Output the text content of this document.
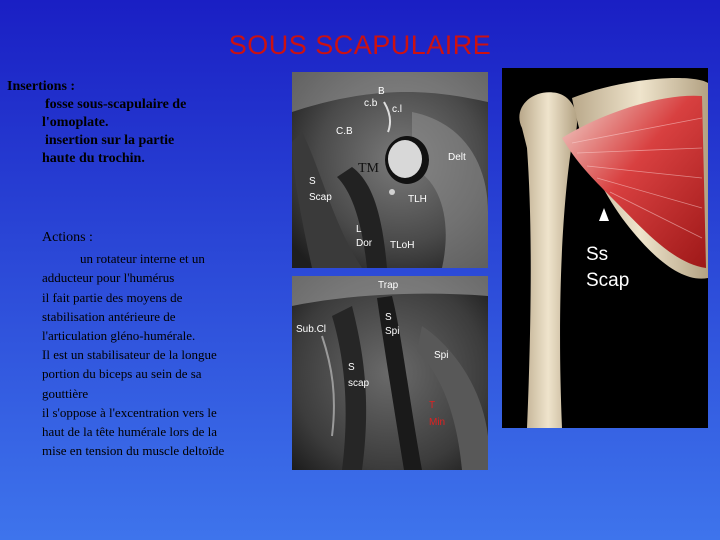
SOUS SCAPULAIRE
Insertions :
fosse sous-scapulaire de
l'omoplate.
insertion sur la partie
haute du trochin.
Actions :
un rotateur interne et un
adducteur pour l'humérus
il fait partie des moyens de
stabilisation antérieure de
l'articulation gléno-humérale.
Il est un stabilisateur de la longue
portion du biceps au sein de sa
gouttière
il s'oppose à l'excentration vers le
haut de la tête humérale lors de la
mise en tension du muscle deltoïde
B
c.b
c.l
C.B
TM
Delt
S
Scap	TLH
L
Dor TLoH
Trap
Sub.Cl
S
Spi
Spi
S
scap
T
Min
Ss
Scap
